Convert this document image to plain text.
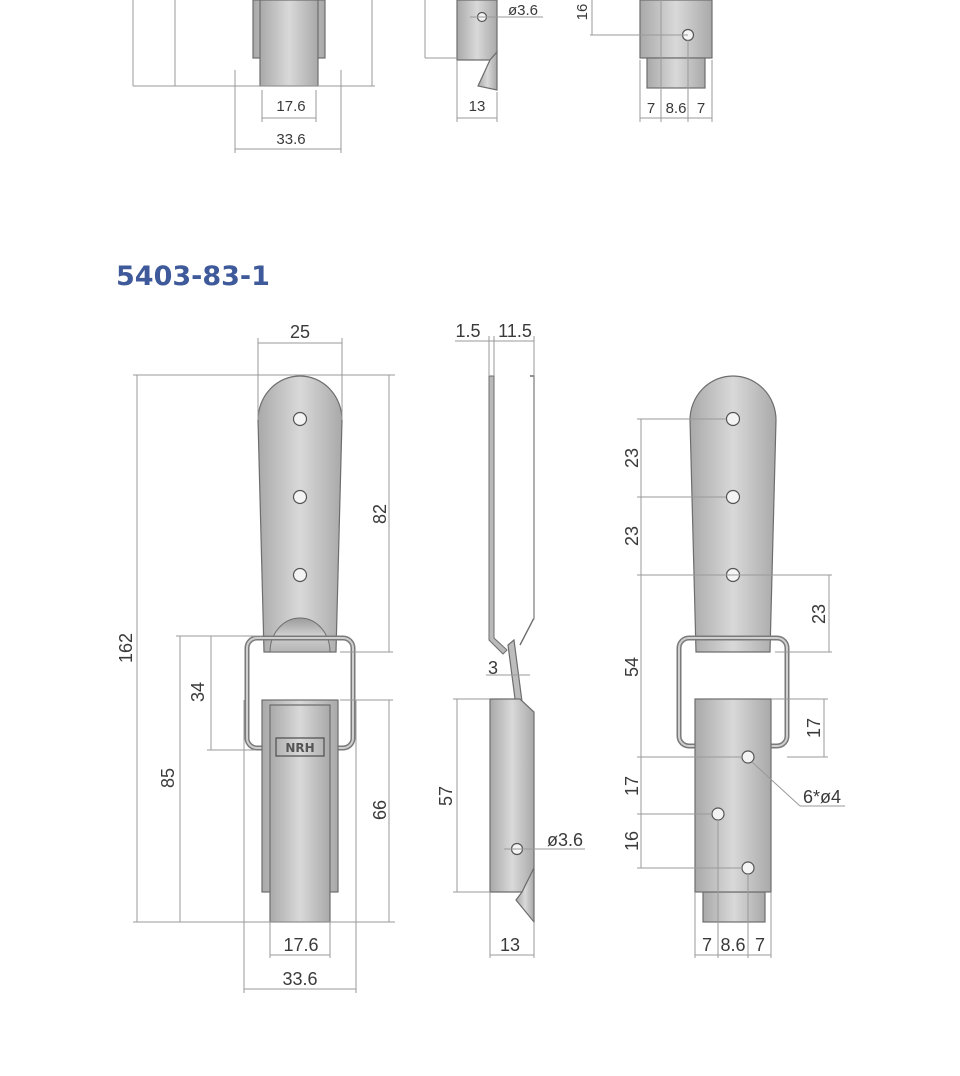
17.6
33.6
ø3.6
13
16
7 8.6 7
5403-83-1
NRH
25
162
82
34
85
66
17.6
33.6
1.5 11.5
3
57
ø3.6
13
23
23
23
54
17
6*ø4
17
16
7 8.6 7
